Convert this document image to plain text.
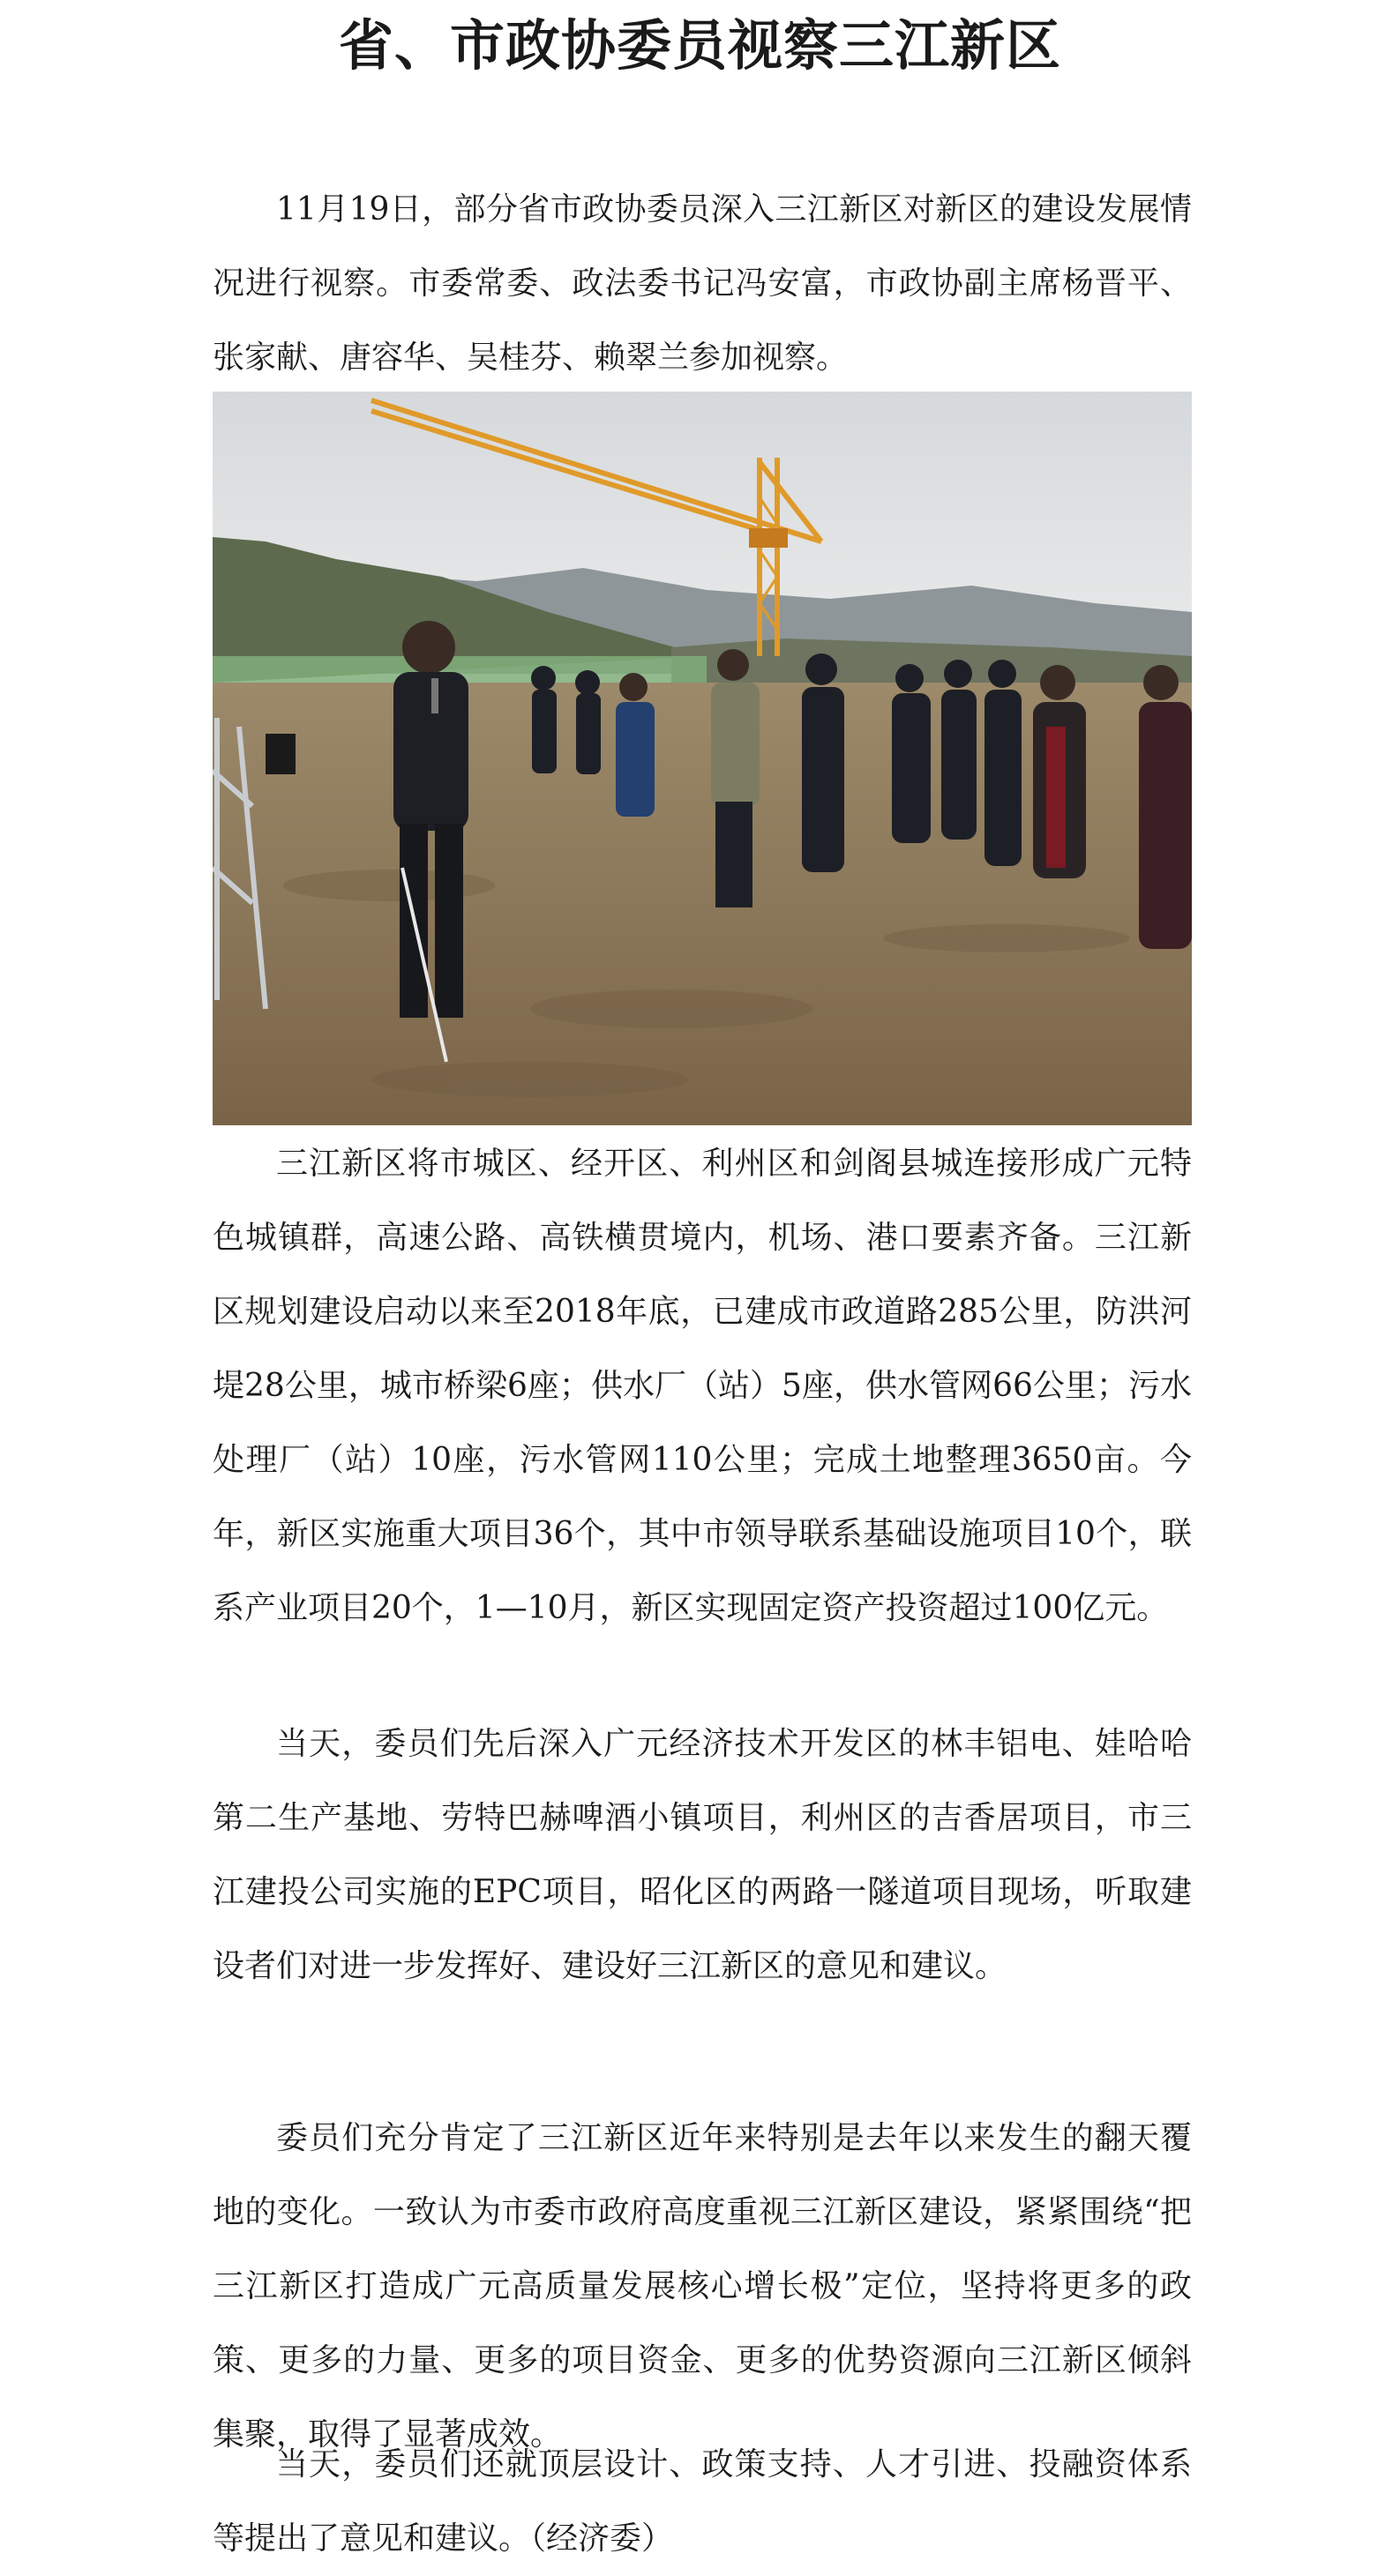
省、市政协委员视察三江新区

11月19日，部分省市政协委员深入三江新区对新区的建设发展情况进行视察。市委常委、政法委书记冯安富，市政协副主席杨晋平、张家献、唐容华、吴桂芬、赖翠兰参加视察。

三江新区将市城区、经开区、利州区和剑阁县城连接形成广元特色城镇群，高速公路、高铁横贯境内，机场、港口要素齐备。三江新区规划建设启动以来至2018年底，已建成市政道路285公里，防洪河堤28公里，城市桥梁6座；供水厂（站）5座，供水管网66公里；污水处理厂（站）10座，污水管网110公里；完成土地整理3650亩。今年，新区实施重大项目36个，其中市领导联系基础设施项目10个，联系产业项目20个，1—10月，新区实现固定资产投资超过100亿元。

当天，委员们先后深入广元经济技术开发区的林丰铝电、娃哈哈第二生产基地、劳特巴赫啤酒小镇项目，利州区的吉香居项目，市三江建投公司实施的EPC项目，昭化区的两路一隧道项目现场，听取建设者们对进一步发挥好、建设好三江新区的意见和建议。

委员们充分肯定了三江新区近年来特别是去年以来发生的翻天覆地的变化。一致认为市委市政府高度重视三江新区建设，紧紧围绕“把三江新区打造成广元高质量发展核心增长极”定位，坚持将更多的政策、更多的力量、更多的项目资金、更多的优势资源向三江新区倾斜集聚，取得了显著成效。

当天，委员们还就顶层设计、政策支持、人才引进、投融资体系等提出了意见和建议。（经济委）
